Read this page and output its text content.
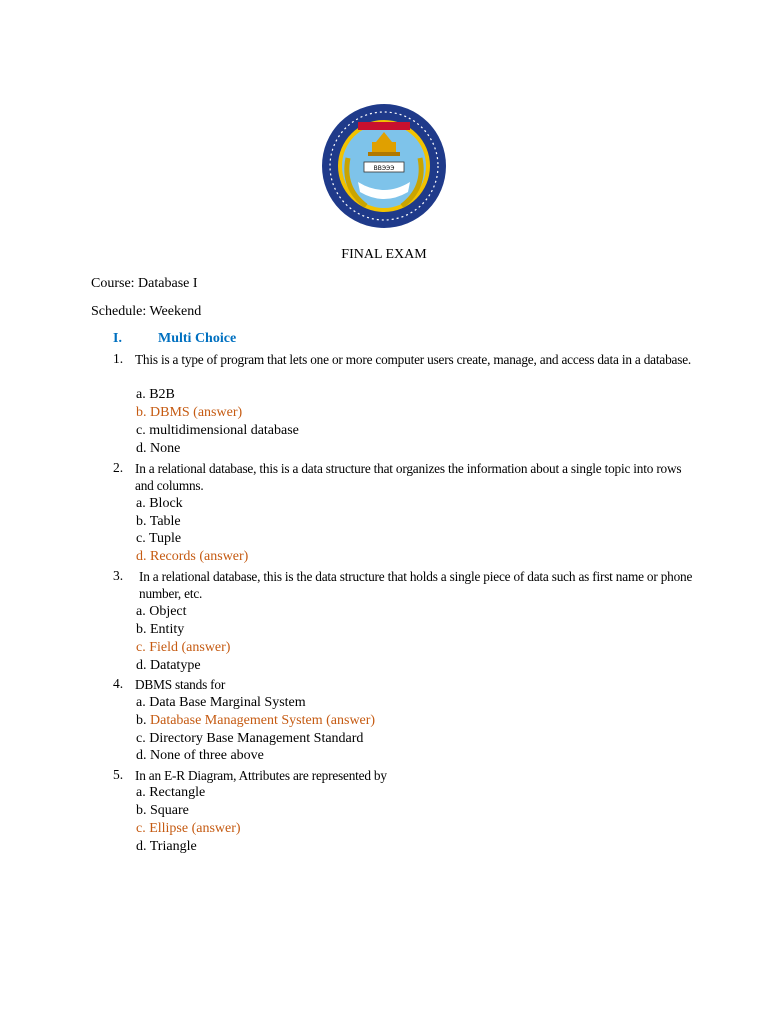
ВВЭЭЭ
FINAL EXAM
Course: Database I
Schedule: Weekend
I.	Multi Choice
1. This is a type of program that lets one or more computer users create, manage, and access data in a database.
a. B2B
b. DBMS (answer)
c. multidimensional database
d. None
2. In a relational database, this is a data structure that organizes the information about a single topic into rows and columns.
a. Block
b. Table
c. Tuple
d. Records (answer)
3. In a relational database, this is the data structure that holds a single piece of data such as first name or phone number, etc.
a. Object
b. Entity
c. Field (answer)
d. Datatype
4. DBMS stands for
a. Data Base Marginal System
b. Database Management System (answer)
c. Directory Base Management Standard
d. None of three above
5. In an E-R Diagram, Attributes are represented by
a. Rectangle
b. Square
c. Ellipse (answer)
d. Triangle
